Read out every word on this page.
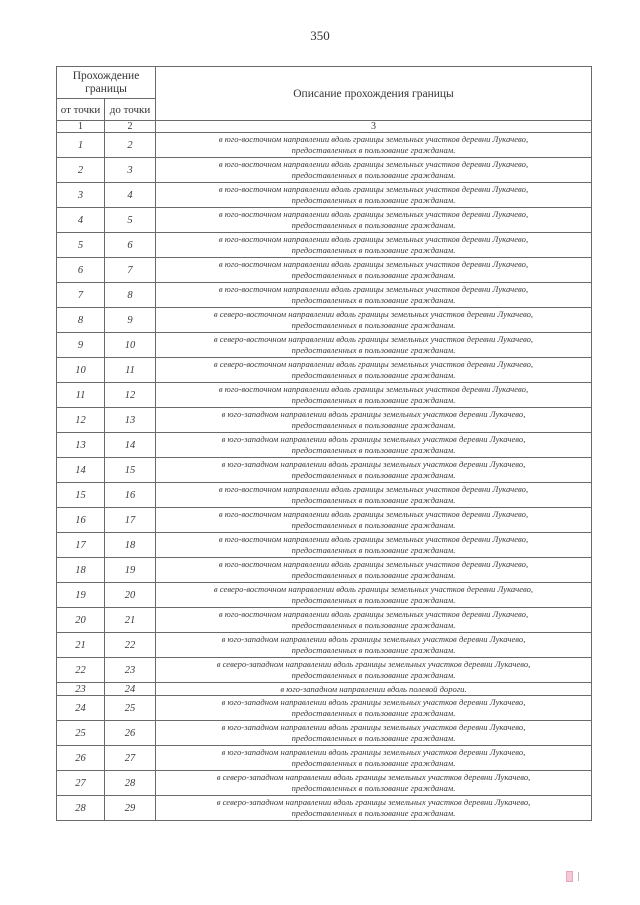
350
Прохождение
границы		Описание прохождения границы
от точки	до точки	
1	2	3
1	2	в юго-восточном направлении вдоль границы земельных участков деревни Лукачево,
предоставленных в пользование гражданам.

2	3	в юго-восточном направлении вдоль границы земельных участков деревни Лукачево,
предоставленных в пользование гражданам.

3	4	в юго-восточном направлении вдоль границы земельных участков деревни Лукачево,
предоставленных в пользование гражданам.

4	5	в юго-восточном направлении вдоль границы земельных участков деревни Лукачево,
предоставленных в пользование гражданам.

5	6	в юго-восточном направлении вдоль границы земельных участков деревни Лукачево,
предоставленных в пользование гражданам.

6	7	в юго-восточном направлении вдоль границы земельных участков деревни Лукачево,
предоставленных в пользование гражданам.

7	8	в юго-восточном направлении вдоль границы земельных участков деревни Лукачево,
предоставленных в пользование гражданам.

8	9	в северо-восточном направлении вдоль границы земельных участков деревни Лукачево,
предоставленных в пользование гражданам.

9	10	в северо-восточном направлении вдоль границы земельных участков деревни Лукачево,
предоставленных в пользование гражданам.

10	11	в северо-восточном направлении вдоль границы земельных участков деревни Лукачево,
предоставленных в пользование гражданам.

11	12	в юго-восточном направлении вдоль границы земельных участков деревни Лукачево,
предоставленных в пользование гражданам.

12	13	в юго-западном направлении вдоль границы земельных участков деревни Лукачево,
предоставленных в пользование гражданам.

13	14	в юго-западном направлении вдоль границы земельных участков деревни Лукачево,
предоставленных в пользование гражданам.

14	15	в юго-западном направлении вдоль границы земельных участков деревни Лукачево,
предоставленных в пользование гражданам.

15	16	в юго-восточном направлении вдоль границы земельных участков деревни Лукачево,
предоставленных в пользование гражданам.

16	17	в юго-восточном направлении вдоль границы земельных участков деревни Лукачево,
предоставленных в пользование гражданам.

17	18	в юго-восточном направлении вдоль границы земельных участков деревни Лукачево,
предоставленных в пользование гражданам.

18	19	в юго-восточном направлении вдоль границы земельных участков деревни Лукачево,
предоставленных в пользование гражданам.

19	20	в северо-восточном направлении вдоль границы земельных участков деревни Лукачево,
предоставленных в пользование гражданам.

20	21	в юго-восточном направлении вдоль границы земельных участков деревни Лукачево,
предоставленных в пользование гражданам.

21	22	в юго-западном направлении вдоль границы земельных участков деревни Лукачево,
предоставленных в пользование гражданам.

22	23	в северо-западном направлении вдоль границы земельных участков деревни Лукачево,
предоставленных в пользование гражданам.

23	24	в юго-западном направлении вдоль полевой дороги.

24	25	в юго-западном направлении вдоль границы земельных участков деревни Лукачево,
предоставленных в пользование гражданам.

25	26	в юго-западном направлении вдоль границы земельных участков деревни Лукачево,
предоставленных в пользование гражданам.

26	27	в юго-западном направлении вдоль границы земельных участков деревни Лукачево,
предоставленных в пользование гражданам.

27	28	в северо-западном направлении вдоль границы земельных участков деревни Лукачево,
предоставленных в пользование гражданам.

28	29	в северо-западном направлении вдоль границы земельных участков деревни Лукачево,
предоставленных в пользование гражданам.
